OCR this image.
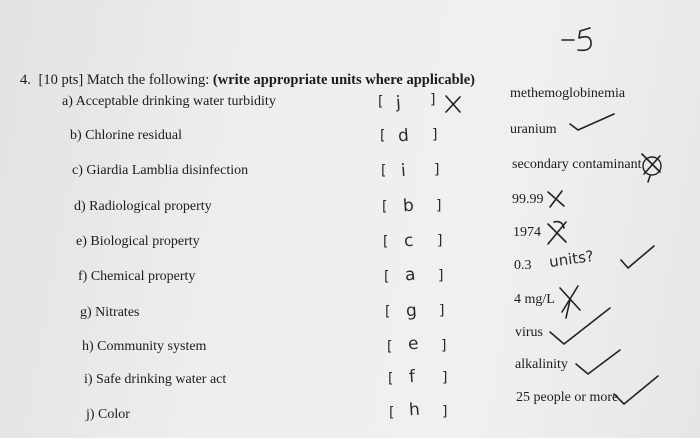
4. [10 pts] Match the following: (write appropriate units where applicable)
a) Acceptable drinking water turbidity
b) Chlorine residual
c) Giardia Lamblia disinfection
d) Radiological property
e) Biological property
f) Chemical property
g) Nitrates
h) Community system
i) Safe drinking water act
j) Color
[ j ]
[ d ]
[ i ]
[ b ]
[ c ]
[ a ]
[ g ]
[ e ]
[ f ]
[ h ]
methemoglobinemia
uranium
secondary contaminant
99.99
1974
0.3 units?
4 mg/L
virus
alkalinity
25 people or more
